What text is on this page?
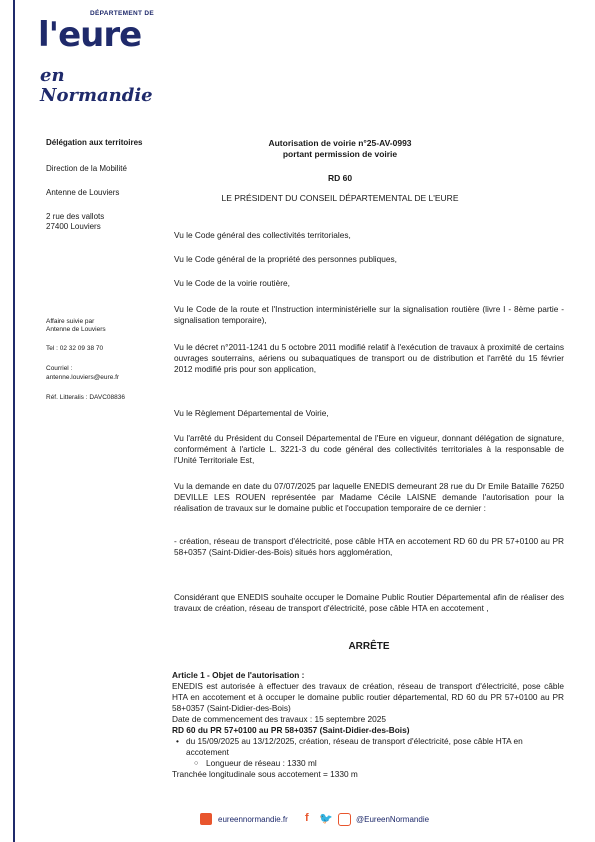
DÉPARTEMENT DE
l'eure
en Normandie
Délégation aux territoires
Direction de la Mobilité
Antenne de Louviers
2 rue des vallots
27400 Louviers
Affaire suivie par
Antenne de Louviers
Tel : 02 32 09 38 70
Courriel :
antenne.louviers@eure.fr
Réf. Litteralis : DAVC08836
Autorisation de voirie n°25-AV-0993
portant permission de voirie
RD 60
LE PRÉSIDENT DU CONSEIL DÉPARTEMENTAL DE L'EURE
Vu le Code général des collectivités territoriales,
Vu le Code général de la propriété des personnes publiques,
Vu le Code de la voirie routière,
Vu le Code de la route et l'Instruction interministérielle sur la signalisation routière (livre I - 8ème partie - signalisation temporaire),
Vu le décret n°2011-1241 du 5 octobre 2011 modifié relatif à l'exécution de travaux à proximité de certains ouvrages souterrains, aériens ou subaquatiques de transport ou de distribution et l'arrêté du 15 février 2012 modifié pris pour son application,
Vu le Règlement Départemental de Voirie,
Vu l'arrêté du Président du Conseil Départemental de l'Eure en vigueur, donnant délégation de signature, conformément à l'article L. 3221-3 du code général des collectivités territoriales à la responsable de l'Unité Territoriale Est,
Vu la demande en date du 07/07/2025 par laquelle ENEDIS demeurant 28 rue du Dr Emile Bataille 76250 DEVILLE LES ROUEN représentée par Madame Cécile LAISNE demande l'autorisation pour la réalisation de travaux sur le domaine public et l'occupation temporaire de ce dernier :
- création, réseau de transport d'électricité, pose câble HTA en accotement RD 60 du PR 57+0100 au PR 58+0357 (Saint-Didier-des-Bois) situés hors agglomération,
Considérant que ENEDIS souhaite occuper le Domaine Public Routier Départemental afin de réaliser des travaux de création, réseau de transport d'électricité, pose câble HTA en accotement ,
ARRÊTE
Article 1 - Objet de l'autorisation :
ENEDIS est autorisée à effectuer des travaux de création, réseau de transport d'électricité, pose câble HTA en accotement et à occuper le domaine public routier départemental, RD 60 du PR 57+0100 au PR 58+0357 (Saint-Didier-des-Bois)
Date de commencement des travaux : 15 septembre 2025
RD 60 du PR 57+0100 au PR 58+0357 (Saint-Didier-des-Bois)
• du 15/09/2025 au 13/12/2025, création, réseau de transport d'électricité, pose câble HTA en accotement
○ Longueur de réseau : 1330 ml
Tranchée longitudinale sous accotement = 1330 m
eureennormandie.fr f 🐦	@EureenNormandie
